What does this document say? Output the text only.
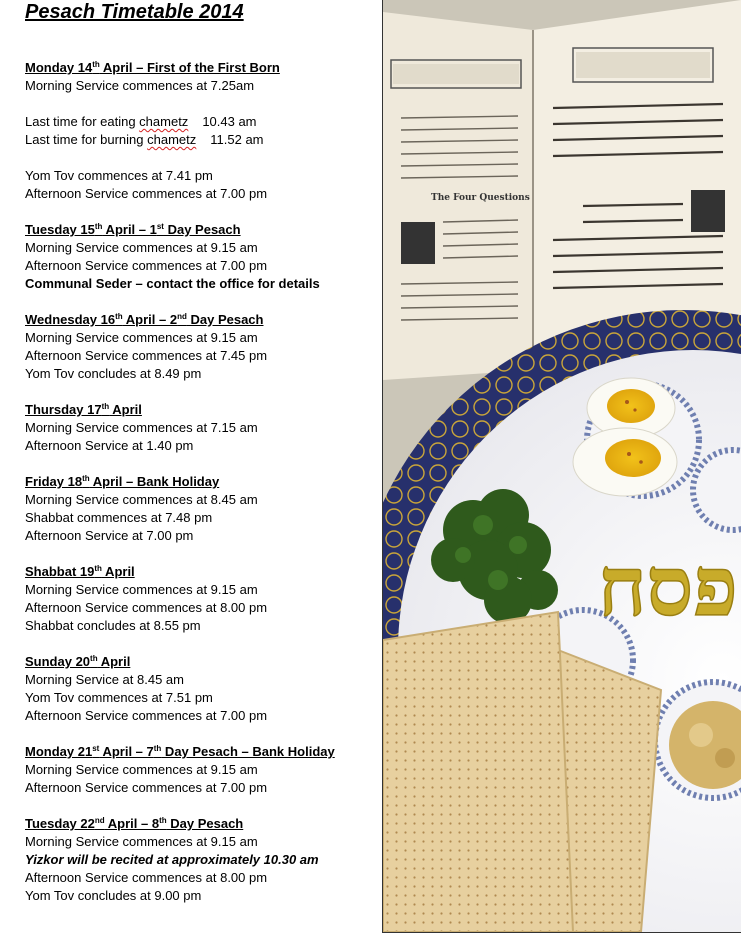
Pesach Timetable 2014
Monday 14th April – First of the First Born
Morning Service commences at 7.25am
Last time for eating chametz 10.43 am
Last time for burning chametz 11.52 am
Yom Tov commences at 7.41 pm
Afternoon Service commences at 7.00 pm
Tuesday 15th April – 1st Day Pesach
Morning Service commences at 9.15 am
Afternoon Service commences at 7.00 pm
Communal Seder – contact the office for details
Wednesday 16th April – 2nd Day Pesach
Morning Service commences at 9.15 am
Afternoon Service commences at 7.45 pm
Yom Tov concludes at 8.49 pm
Thursday 17th April
Morning Service commences at 7.15 am
Afternoon Service at 1.40 pm
Friday 18th April – Bank Holiday
Morning Service commences at 8.45 am
Shabbat commences at 7.48 pm
Afternoon Service at 7.00 pm
Shabbat 19th April
Morning Service commences at 9.15 am
Afternoon Service commences at 8.00 pm
Shabbat concludes at 8.55 pm
Sunday 20th April
Morning Service at 8.45 am
Yom Tov commences at 7.51 pm
Afternoon Service commences at 7.00 pm
Monday 21st April – 7th Day Pesach – Bank Holiday
Morning Service commences at 9.15 am
Afternoon Service commences at 7.00 pm
Tuesday 22nd April – 8th Day Pesach
Morning Service commences at 9.15 am
Yizkor will be recited at approximately 10.30 am
Afternoon Service commences at 8.00 pm
Yom Tov concludes at 9.00 pm
The Four Questions
פסח
